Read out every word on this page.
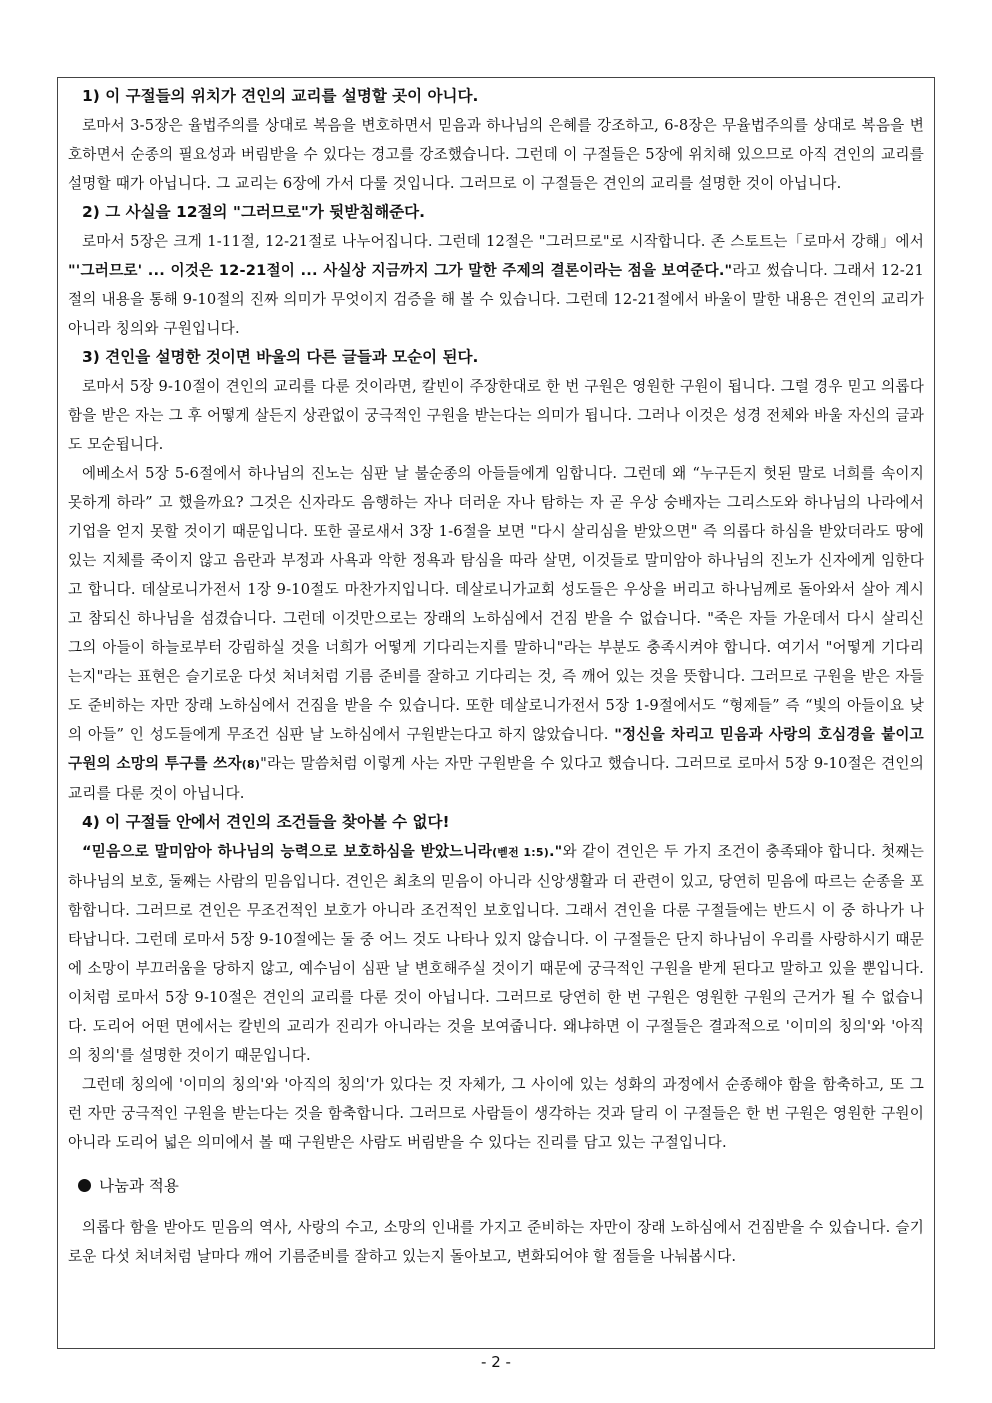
1) 이 구절들의 위치가 견인의 교리를 설명할 곳이 아니다.

로마서 3-5장은 율법주의를 상대로 복음을 변호하면서 믿음과 하나님의 은혜를 강조하고, 6-8장은 무율법주의를 상대로 복음을 변호하면서 순종의 필요성과 버림받을 수 있다는 경고를 강조했습니다. 그런데 이 구절들은 5장에 위치해 있으므로 아직 견인의 교리를 설명할 때가 아닙니다. 그 교리는 6장에 가서 다룰 것입니다. 그러므로 이 구절들은 견인의 교리를 설명한 것이 아닙니다.

2) 그 사실을 12절의 "그러므로"가 뒷받침해준다.

로마서 5장은 크게 1-11절, 12-21절로 나누어집니다. 그런데 12절은 "그러므로"로 시작합니다. 존 스토트는「로마서 강해」에서 "'그러므로' ... 이것은 12-21절이 ... 사실상 지금까지 그가 말한 주제의 결론이라는 점을 보여준다."라고 썼습니다. 그래서 12-21절의 내용을 통해 9-10절의 진짜 의미가 무엇이지 검증을 해 볼 수 있습니다. 그런데 12-21절에서 바울이 말한 내용은 견인의 교리가 아니라 칭의와 구원입니다.

3) 견인을 설명한 것이면 바울의 다른 글들과 모순이 된다.

로마서 5장 9-10절이 견인의 교리를 다룬 것이라면, 칼빈이 주장한대로 한 번 구원은 영원한 구원이 됩니다. 그럴 경우 믿고 의롭다 함을 받은 자는 그 후 어떻게 살든지 상관없이 궁극적인 구원을 받는다는 의미가 됩니다. 그러나 이것은 성경 전체와 바울 자신의 글과도 모순됩니다.

에베소서 5장 5-6절에서 하나님의 진노는 심판 날 불순종의 아들들에게 임합니다. 그런데 왜 “누구든지 헛된 말로 너희를 속이지 못하게 하라” 고 했을까요? 그것은 신자라도 음행하는 자나 더러운 자나 탐하는 자 곧 우상 숭배자는 그리스도와 하나님의 나라에서 기업을 얻지 못할 것이기 때문입니다. 또한 골로새서 3장 1-6절을 보면 "다시 살리심을 받았으면" 즉 의롭다 하심을 받았더라도 땅에 있는 지체를 죽이지 않고 음란과 부정과 사욕과 악한 정욕과 탐심을 따라 살면, 이것들로 말미암아 하나님의 진노가 신자에게 임한다고 합니다. 데살로니가전서 1장 9-10절도 마찬가지입니다. 데살로니가교회 성도들은 우상을 버리고 하나님께로 돌아와서 살아 계시고 참되신 하나님을 섬겼습니다. 그런데 이것만으로는 장래의 노하심에서 건짐 받을 수 없습니다. "죽은 자들 가운데서 다시 살리신 그의 아들이 하늘로부터 강림하실 것을 너희가 어떻게 기다리는지를 말하니"라는 부분도 충족시켜야 합니다. 여기서 "어떻게 기다리는지"라는 표현은 슬기로운 다섯 처녀처럼 기름 준비를 잘하고 기다리는 것, 즉 깨어 있는 것을 뜻합니다. 그러므로 구원을 받은 자들도 준비하는 자만 장래 노하심에서 건짐을 받을 수 있습니다. 또한 데살로니가전서 5장 1-9절에서도 “형제들” 즉 “빛의 아들이요 낮의 아들” 인 성도들에게 무조건 심판 날 노하심에서 구원받는다고 하지 않았습니다. "정신을 차리고 믿음과 사랑의 호심경을 붙이고 구원의 소망의 투구를 쓰자(8)"라는 말씀처럼 이렇게 사는 자만 구원받을 수 있다고 했습니다. 그러므로 로마서 5장 9-10절은 견인의 교리를 다룬 것이 아닙니다.

4) 이 구절들 안에서 견인의 조건들을 찾아볼 수 없다!

“믿음으로 말미암아 하나님의 능력으로 보호하심을 받았느니라(벧전 1:5)."와 같이 견인은 두 가지 조건이 충족돼야 합니다. 첫째는 하나님의 보호, 둘째는 사람의 믿음입니다. 견인은 최초의 믿음이 아니라 신앙생활과 더 관련이 있고, 당연히 믿음에 따르는 순종을 포함합니다. 그러므로 견인은 무조건적인 보호가 아니라 조건적인 보호입니다. 그래서 견인을 다룬 구절들에는 반드시 이 중 하나가 나타납니다. 그런데 로마서 5장 9-10절에는 둘 중 어느 것도 나타나 있지 않습니다. 이 구절들은 단지 하나님이 우리를 사랑하시기 때문에 소망이 부끄러움을 당하지 않고, 예수님이 심판 날 변호해주실 것이기 때문에 궁극적인 구원을 받게 된다고 말하고 있을 뿐입니다. 이처럼 로마서 5장 9-10절은 견인의 교리를 다룬 것이 아닙니다. 그러므로 당연히 한 번 구원은 영원한 구원의 근거가 될 수 없습니다. 도리어 어떤 면에서는 칼빈의 교리가 진리가 아니라는 것을 보여줍니다. 왜냐하면 이 구절들은 결과적으로 '이미의 칭의'와 '아직의 칭의'를 설명한 것이기 때문입니다.

그런데 칭의에 '이미의 칭의'와 '아직의 칭의'가 있다는 것 자체가, 그 사이에 있는 성화의 과정에서 순종해야 함을 함축하고, 또 그런 자만 궁극적인 구원을 받는다는 것을 함축합니다. 그러므로 사람들이 생각하는 것과 달리 이 구절들은 한 번 구원은 영원한 구원이 아니라 도리어 넓은 의미에서 볼 때 구원받은 사람도 버림받을 수 있다는 진리를 담고 있는 구절입니다.

나눔과 적용

의롭다 함을 받아도 믿음의 역사, 사랑의 수고, 소망의 인내를 가지고 준비하는 자만이 장래 노하심에서 건짐받을 수 있습니다. 슬기로운 다섯 처녀처럼 날마다 깨어 기름준비를 잘하고 있는지 돌아보고, 변화되어야 할 점들을 나눠봅시다.

- 2 -
